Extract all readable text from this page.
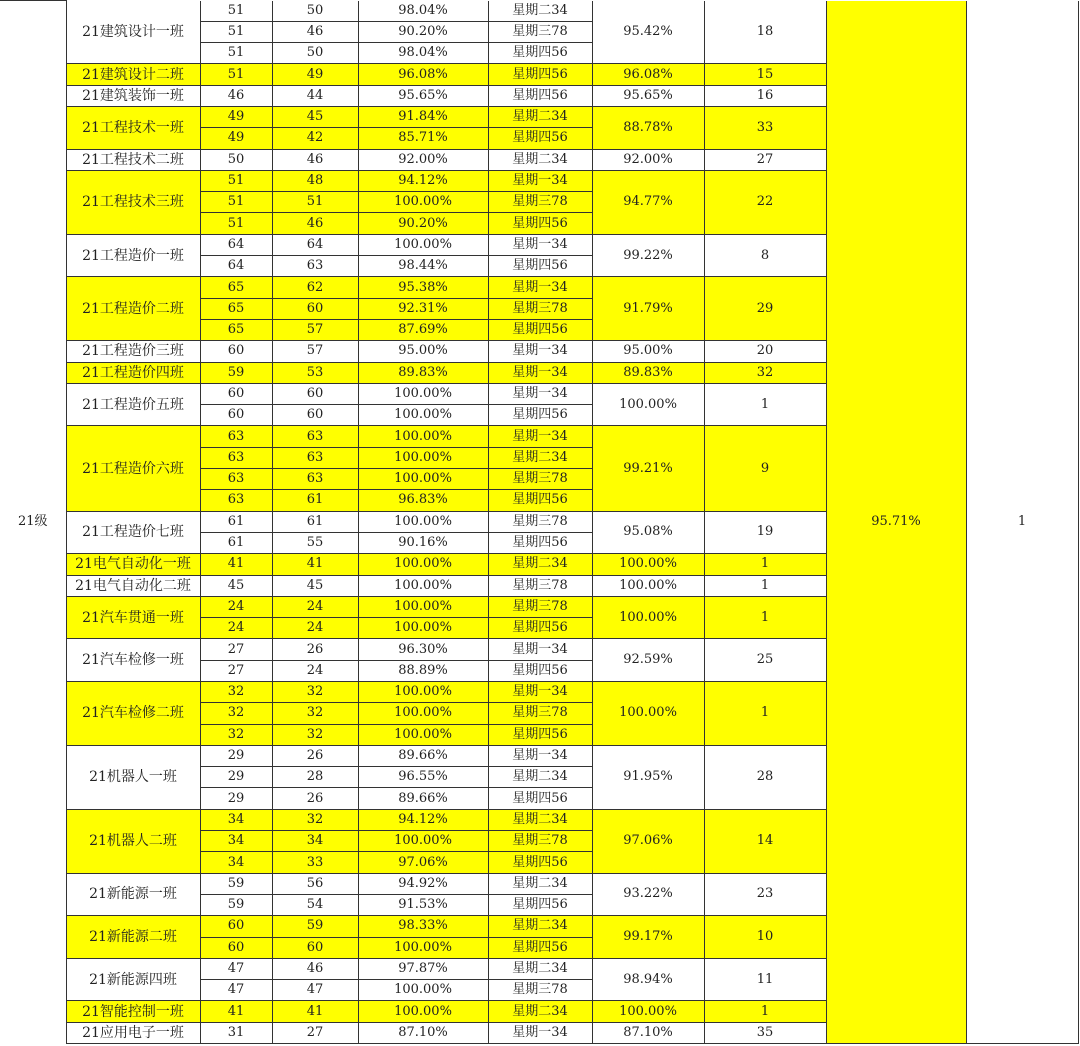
21级	21建筑设计一班	51	50	98.04%	星期二34	95.42%	18	95.71%	1
		51	46	90.20%	星期三78				
		51	50	98.04%	星期四56				
	21建筑设计二班	51	49	96.08%	星期四56	96.08%	15		
	21建筑装饰一班	46	44	95.65%	星期四56	95.65%	16		
	21工程技术一班	49	45	91.84%	星期二34	88.78%	33		
		49	42	85.71%	星期四56				
	21工程技术二班	50	46	92.00%	星期二34	92.00%	27		
	21工程技术三班	51	48	94.12%	星期一34	94.77%	22		
		51	51	100.00%	星期三78				
		51	46	90.20%	星期四56				
	21工程造价一班	64	64	100.00%	星期一34	99.22%	8		
		64	63	98.44%	星期四56				
	21工程造价二班	65	62	95.38%	星期一34	91.79%	29		
		65	60	92.31%	星期三78				
		65	57	87.69%	星期四56				
	21工程造价三班	60	57	95.00%	星期一34	95.00%	20		
	21工程造价四班	59	53	89.83%	星期一34	89.83%	32		
	21工程造价五班	60	60	100.00%	星期一34	100.00%	1		
		60	60	100.00%	星期四56				
	21工程造价六班	63	63	100.00%	星期一34	99.21%	9		
		63	63	100.00%	星期二34				
		63	63	100.00%	星期三78				
		63	61	96.83%	星期四56				
	21工程造价七班	61	61	100.00%	星期三78	95.08%	19		
		61	55	90.16%	星期四56				
	21电气自动化一班	41	41	100.00%	星期二34	100.00%	1		
	21电气自动化二班	45	45	100.00%	星期三78	100.00%	1		
	21汽车贯通一班	24	24	100.00%	星期三78	100.00%	1		
		24	24	100.00%	星期四56				
	21汽车检修一班	27	26	96.30%	星期一34	92.59%	25		
		27	24	88.89%	星期四56				
	21汽车检修二班	32	32	100.00%	星期一34	100.00%	1		
		32	32	100.00%	星期三78				
		32	32	100.00%	星期四56				
	21机器人一班	29	26	89.66%	星期一34	91.95%	28		
		29	28	96.55%	星期二34				
		29	26	89.66%	星期四56				
	21机器人二班	34	32	94.12%	星期二34	97.06%	14		
		34	34	100.00%	星期三78				
		34	33	97.06%	星期四56				
	21新能源一班	59	56	94.92%	星期二34	93.22%	23		
		59	54	91.53%	星期四56				
	21新能源二班	60	59	98.33%	星期二34	99.17%	10		
		60	60	100.00%	星期四56				
	21新能源四班	47	46	97.87%	星期二34	98.94%	11		
		47	47	100.00%	星期三78				
	21智能控制一班	41	41	100.00%	星期二34	100.00%	1		
	21应用电子一班	31	27	87.10%	星期一34	87.10%	35		
